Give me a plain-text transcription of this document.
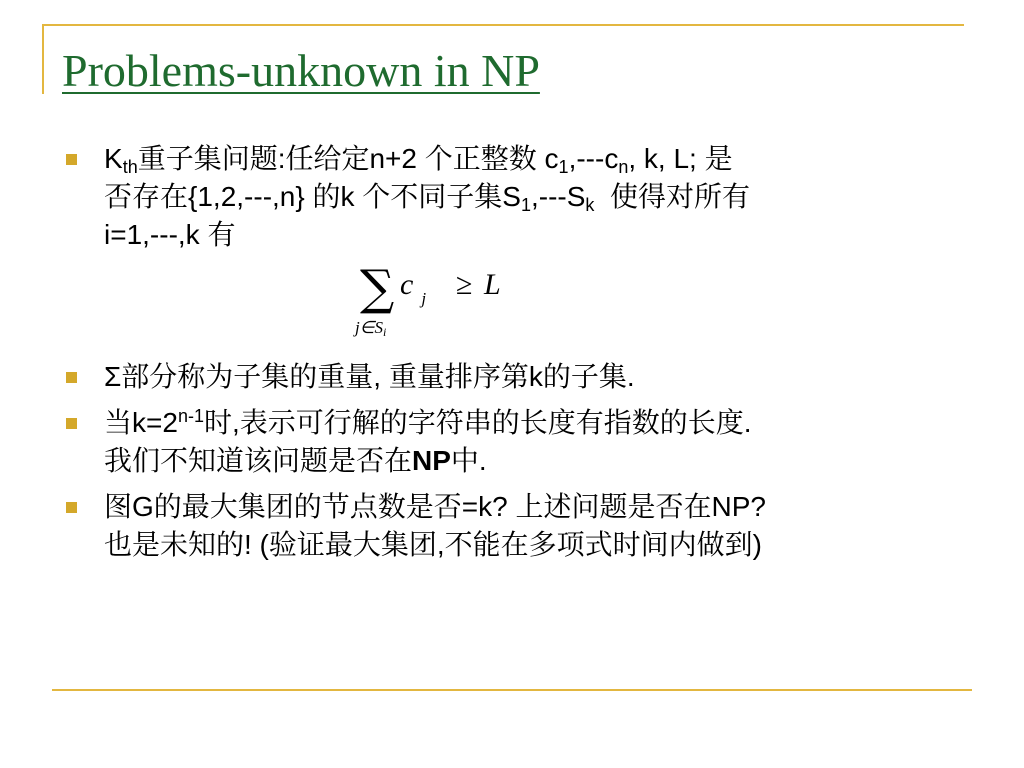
Problems-unknown in NP
$K_{th}$重子集问题:任给定n+2 个正整数 $c_1,---c_n$, k, L; 是
否存在{1,2,---,n} 的k 个不同子集$S_1,---S_k$  使得对所有
i=1,---,k 有
∑
$j\in S_i$
c $_j$ ≥ L
Σ部分称为子集的重量, 重量排序第k的子集.
当$k=2^{n-1}$时,表示可行解的字符串的长度有指数的长度.
我们不知道该问题是否在NP中.
图G的最大集团的节点数是否=k? 上述问题是否在NP?
也是未知的! (验证最大集团,不能在多项式时间内做到)
